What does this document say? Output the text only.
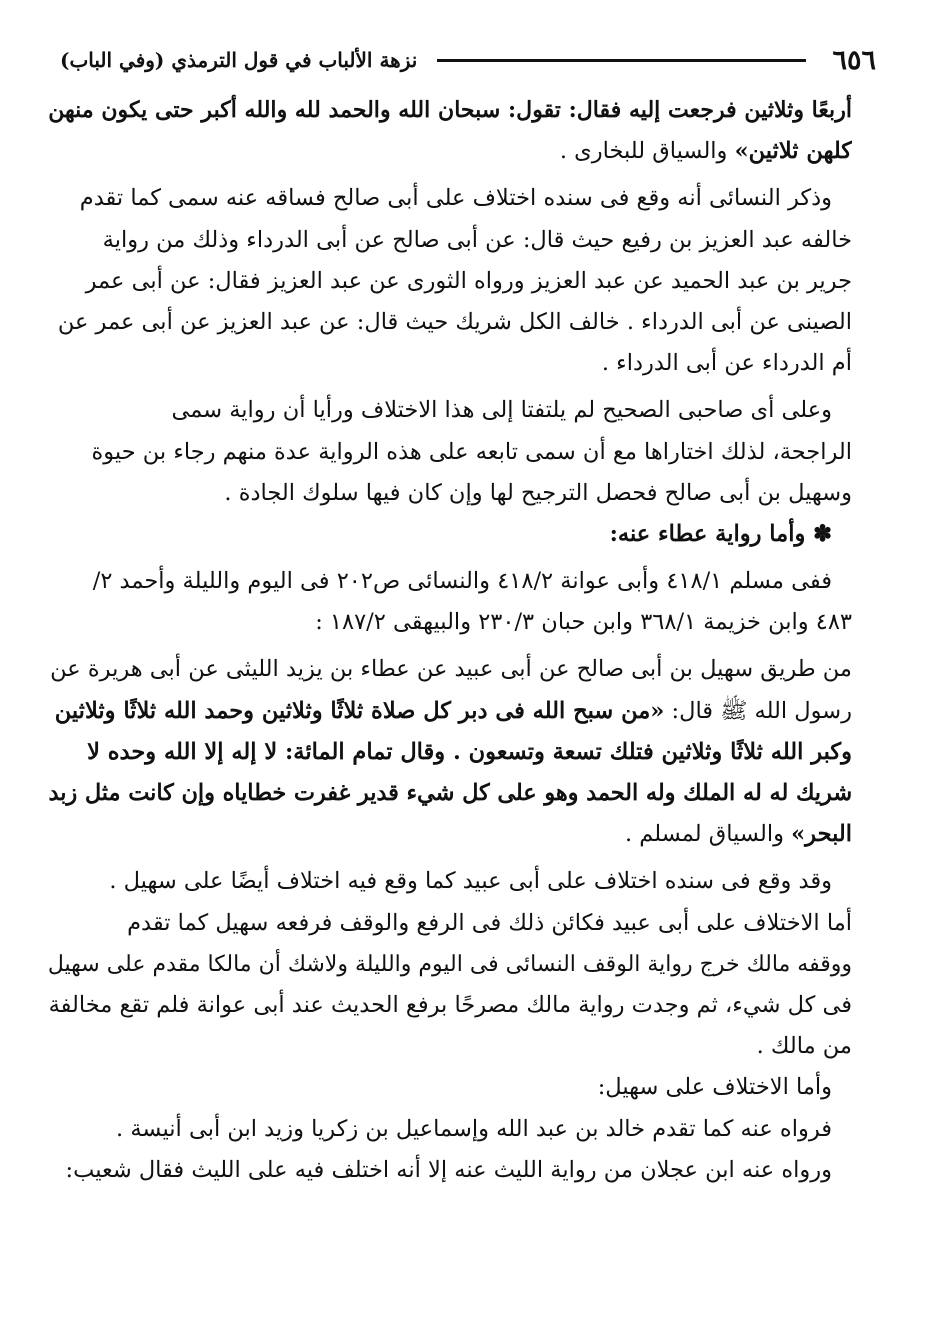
٦٥٦
نزهة الألباب في قول الترمذي (وفي الباب)
أربعًا وثلاثين فرجعت إليه فقال: تقول: سبحان الله والحمد لله والله أكبر حتى يكون منهن
كلهن ثلاثين» والسياق للبخارى .
وذكر النسائى أنه وقع فى سنده اختلاف على أبى صالح فساقه عنه سمى كما تقدم
خالفه عبد العزيز بن رفيع حيث قال: عن أبى صالح عن أبى الدرداء وذلك من رواية
جرير بن عبد الحميد عن عبد العزيز ورواه الثورى عن عبد العزيز فقال: عن أبى عمر
الصينى عن أبى الدرداء . خالف الكل شريك حيث قال: عن عبد العزيز عن أبى عمر عن
أم الدرداء عن أبى الدرداء .
وعلى أى صاحبى الصحيح لم يلتفتا إلى هذا الاختلاف ورأيا أن رواية سمى
الراجحة، لذلك اختاراها مع أن سمى تابعه على هذه الرواية عدة منهم رجاء بن حيوة
وسهيل بن أبى صالح فحصل الترجيح لها وإن كان فيها سلوك الجادة .
✽ وأما رواية عطاء عنه:
ففى مسلم ٤١٨/١ وأبى عوانة ٤١٨/٢ والنسائى ص٢٠٢ فى اليوم والليلة وأحمد ٢/
٤٨٣ وابن خزيمة ٣٦٨/١ وابن حبان ٢٣٠/٣ والبيهقى ١٨٧/٢ :
من طريق سهيل بن أبى صالح عن أبى عبيد عن عطاء بن يزيد الليثى عن أبى هريرة عن
رسول الله ﷺ قال: «من سبح الله فى دبر كل صلاة ثلاثًا وثلاثين وحمد الله ثلاثًا وثلاثين
وكبر الله ثلاثًا وثلاثين فتلك تسعة وتسعون . وقال تمام المائة: لا إله إلا الله وحده لا
شريك له له الملك وله الحمد وهو على كل شيء قدير غفرت خطاياه وإن كانت مثل زبد
البحر» والسياق لمسلم .
وقد وقع فى سنده اختلاف على أبى عبيد كما وقع فيه اختلاف أيضًا على سهيل .
أما الاختلاف على أبى عبيد فكائن ذلك فى الرفع والوقف فرفعه سهيل كما تقدم
ووقفه مالك خرج رواية الوقف النسائى فى اليوم والليلة ولاشك أن مالكا مقدم على سهيل
فى كل شيء، ثم وجدت رواية مالك مصرحًا برفع الحديث عند أبى عوانة فلم تقع مخالفة
من مالك .
وأما الاختلاف على سهيل:
فرواه عنه كما تقدم خالد بن عبد الله وإسماعيل بن زكريا وزيد ابن أبى أنيسة .
ورواه عنه ابن عجلان من رواية الليث عنه إلا أنه اختلف فيه على الليث فقال شعيب:
